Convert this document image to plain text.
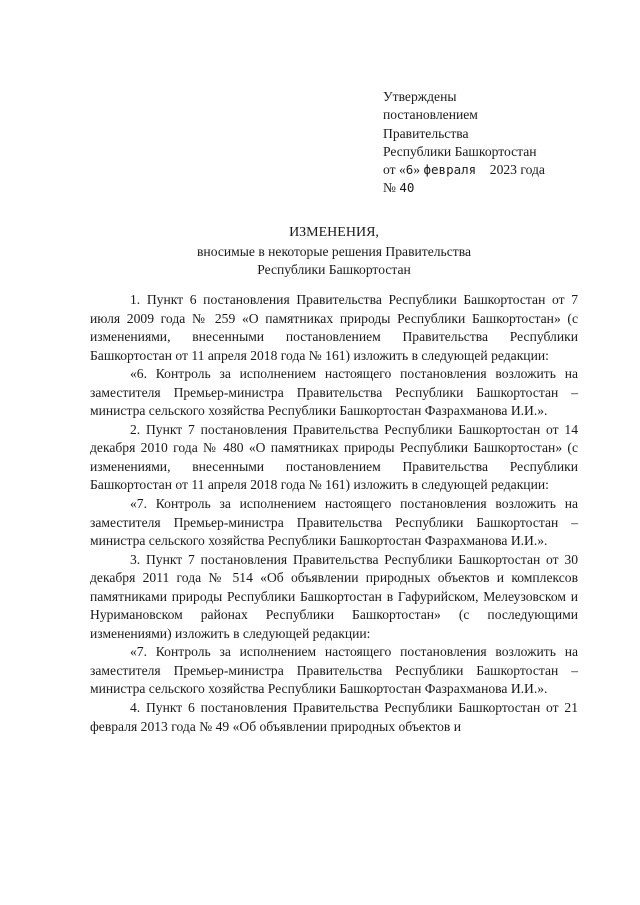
Утверждены
постановлением
Правительства
Республики Башкортостан
от «6» февраля 2023 года
№ 40
ИЗМЕНЕНИЯ,
вносимые в некоторые решения Правительства
Республики Башкортостан

1. Пункт 6 постановления Правительства Республики Башкортостан от 7 июля 2009 года № 259 «О памятниках природы Республики Башкортостан» (с изменениями, внесенными постановлением Правительства Республики Башкортостан от 11 апреля 2018 года № 161) изложить в следующей редакции:

«6. Контроль за исполнением настоящего постановления возложить на заместителя Премьер-министра Правительства Республики Башкортостан – министра сельского хозяйства Республики Башкортостан Фазрахманова И.И.».

2. Пункт 7 постановления Правительства Республики Башкортостан от 14 декабря 2010 года № 480 «О памятниках природы Республики Башкортостан» (с изменениями, внесенными постановлением Правительства Республики Башкортостан от 11 апреля 2018 года № 161) изложить в следующей редакции:

«7. Контроль за исполнением настоящего постановления возложить на заместителя Премьер-министра Правительства Республики Башкортостан – министра сельского хозяйства Республики Башкортостан Фазрахманова И.И.».

3. Пункт 7 постановления Правительства Республики Башкортостан от 30 декабря 2011 года № 514 «Об объявлении природных объектов и комплексов памятниками природы Республики Башкортостан в Гафурийском, Мелеузовском и Нуримановском районах Республики Башкортостан» (с последующими изменениями) изложить в следующей редакции:

«7. Контроль за исполнением настоящего постановления возложить на заместителя Премьер-министра Правительства Республики Башкортостан – министра сельского хозяйства Республики Башкортостан Фазрахманова И.И.».

4. Пункт 6 постановления Правительства Республики Башкортостан от 21 февраля 2013 года № 49 «Об объявлении природных объектов и
